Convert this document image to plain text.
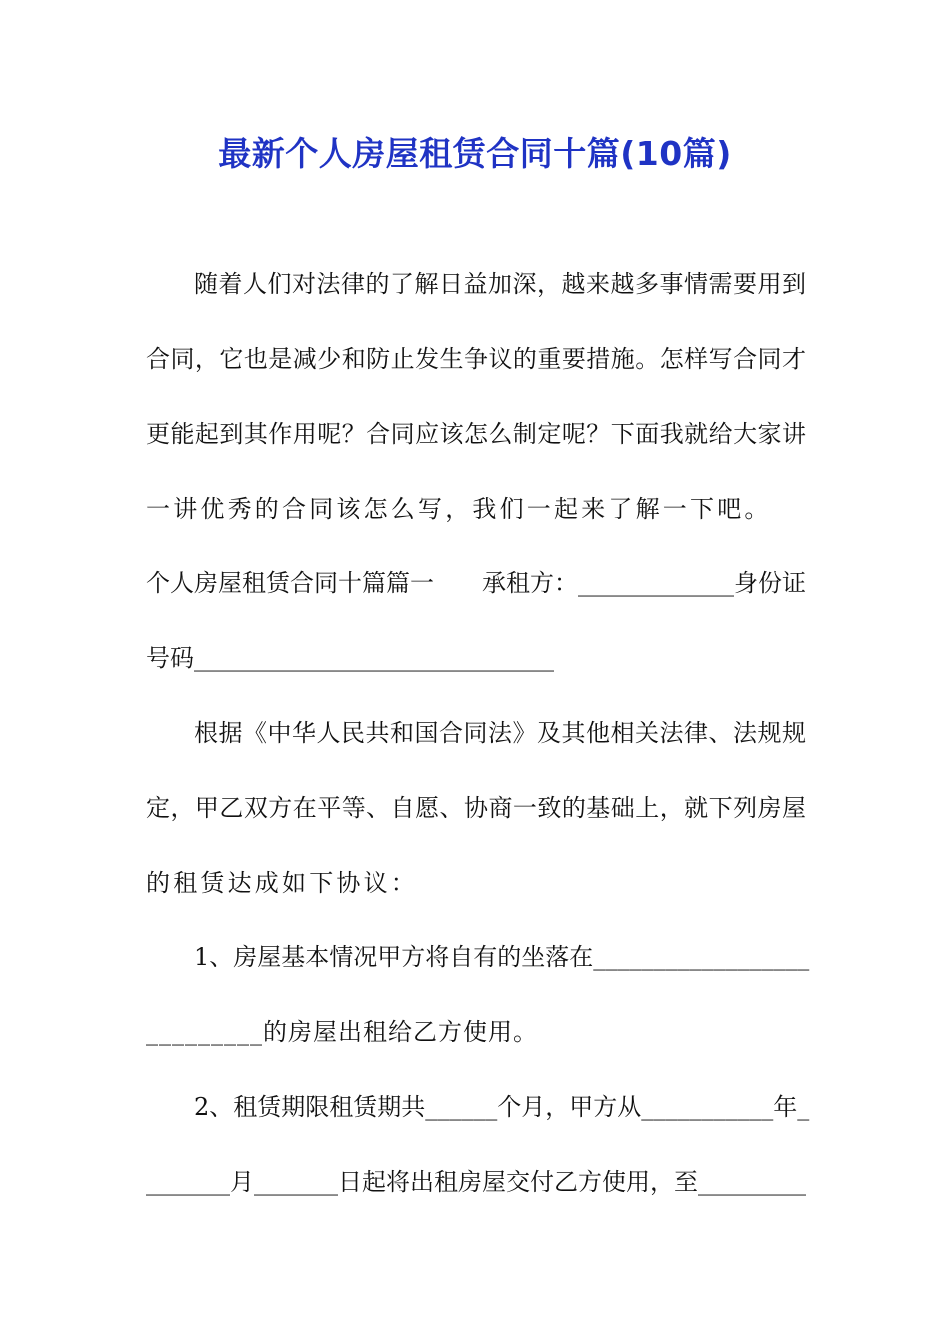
最新个人房屋租赁合同十篇(10篇)
随着人们对法律的了解日益加深，越来越多事情需要用到
合同，它也是减少和防止发生争议的重要措施。怎样写合同才
更能起到其作用呢？合同应该怎么制定呢？下面我就给大家讲
一讲优秀的合同该怎么写，我们一起来了解一下吧。
个人房屋租赁合同十篇篇一　　承租方：_____________身份证
号码______________________________
根据《中华人民共和国合同法》及其他相关法律、法规规
定，甲乙双方在平等、自愿、协商一致的基础上，就下列房屋
的租赁达成如下协议：
1、房屋基本情况甲方将自有的坐落在__________________
_________的房屋出租给乙方使用。
2、租赁期限租赁期共______个月，甲方从___________年_
_______月_______日起将出租房屋交付乙方使用，至_________
